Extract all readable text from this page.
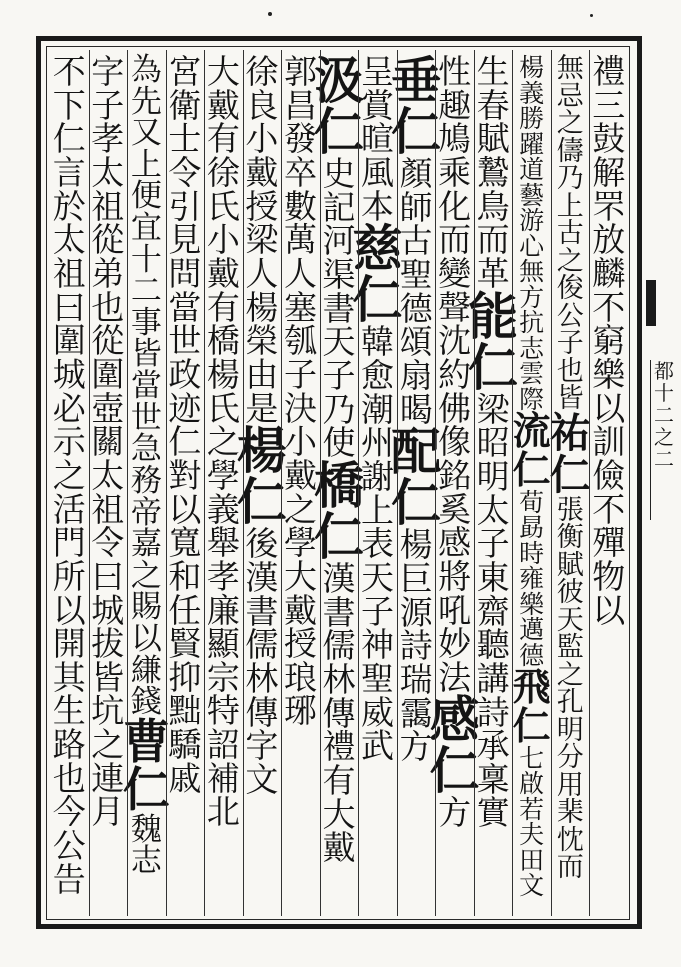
都
十
二
之
二
禮
三
鼓
解
罘
放
麟
不
窮
樂
以
訓
儉
不
殫
物
以
無
忌
之
儔
乃
上
古
之
俊
公
子
也
皆
祐
仁
張
衡
賦
彼
天
監
之
孔
明
分
用
棐
忱
而
楊
義
勝
躍
道
藝
游
心
無
方
抗
志
雲
際
流
仁
荀
勗
時
雍
樂
邁
德
飛
仁
七
啟
若
夫
田
文
生
春
賦
鷙
鳥
而
革
能
仁
梁
昭
明
太
子
東
齋
聽
講
詩
承
稟
實
性
趣
鳩
乘
化
而
變
聲
沈
約
佛
像
銘
奚
感
將
吼
妙
法
感
仁
方
垂
仁
顏
師
古
聖
德
頌
扇
暍
配
仁
楊
巨
源
詩
瑞
靄
方
呈
賞
暄
風
本
慈
仁
韓
愈
潮
州
謝
上
表
天
子
神
聖
威
武
汲
仁
史
記
河
渠
書
天
子
乃
使
橋
仁
漢
書
儒
林
傳
禮
有
大
戴
郭
昌
發
卒
數
萬
人
塞
瓠
子
決
小
戴
之
學
大
戴
授
琅
琊
徐
良
小
戴
授
梁
人
楊
榮
由
是
楊
仁
後
漢
書
儒
林
傳
字
文
大
戴
有
徐
氏
小
戴
有
橋
楊
氏
之
學
義
舉
孝
廉
顯
宗
特
詔
補
北
宮
衛
士
令
引
見
問
當
世
政
迹
仁
對
以
寬
和
任
賢
抑
黜
驕
戚
為
先
又
上
便
宜
十
二
事
皆
當
世
急
務
帝
嘉
之
賜
以
縑
錢
曹
仁
魏
志
字
子
孝
太
祖
從
弟
也
從
圍
壺
關
太
祖
令
曰
城
拔
皆
坑
之
連
月
不
下
仁
言
於
太
祖
曰
圍
城
必
示
之
活
門
所
以
開
其
生
路
也
今
公
告
